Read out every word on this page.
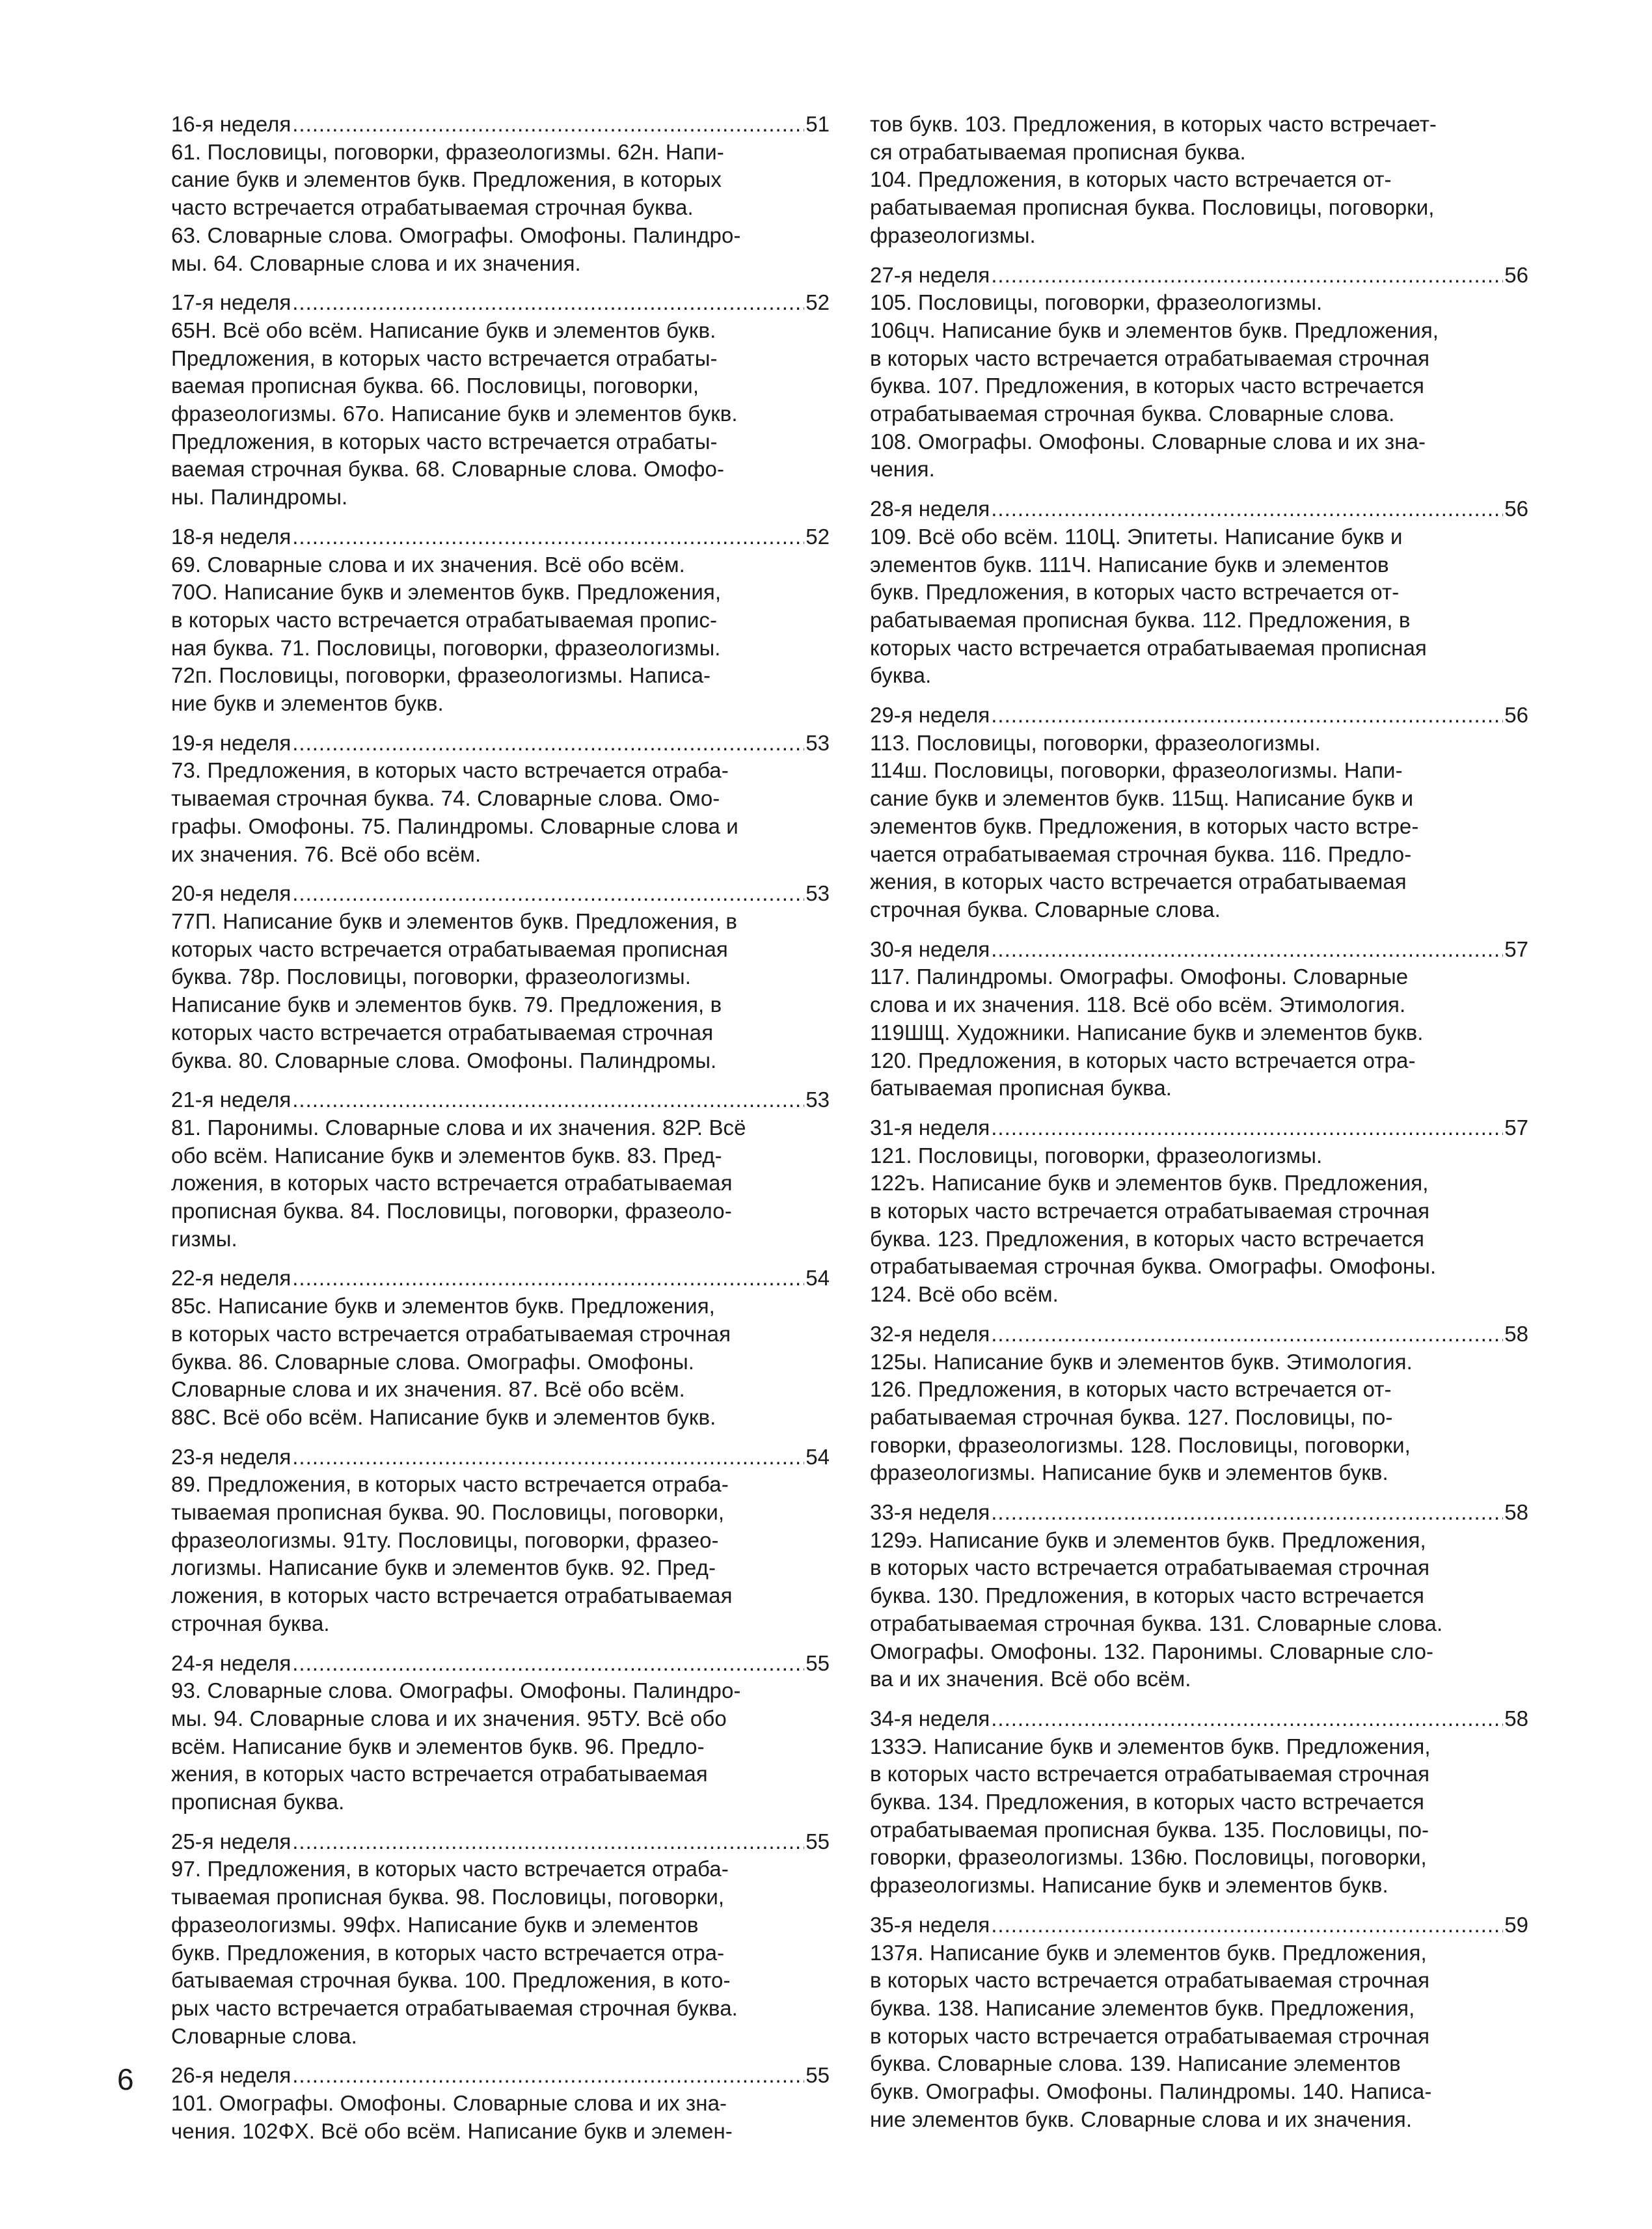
16-я неделя .....	51
61. Пословицы, поговорки, фразеологизмы. 62н. Напи-
сание букв и элементов букв. Предложения, в которых
часто встречается отрабатываемая строчная буква.
63. Словарные слова. Омографы. Омофоны. Палиндро-
мы. 64. Словарные слова и их значения.
17-я неделя .....	52
65Н. Всё обо всём. Написание букв и элементов букв.
Предложения, в которых часто встречается отрабаты-
ваемая прописная буква. 66. Пословицы, поговорки,
фразеологизмы. 67о. Написание букв и элементов букв.
Предложения, в которых часто встречается отрабаты-
ваемая строчная буква. 68. Словарные слова. Омофо-
ны. Палиндромы.
18-я неделя .....	52
69. Словарные слова и их значения. Всё обо всём.
70О. Написание букв и элементов букв. Предложения,
в которых часто встречается отрабатываемая пропис-
ная буква. 71. Пословицы, поговорки, фразеологизмы.
72п. Пословицы, поговорки, фразеологизмы. Написа-
ние букв и элементов букв.
19-я неделя .....	53
73. Предложения, в которых часто встречается отраба-
тываемая строчная буква. 74. Словарные слова. Омо-
графы. Омофоны. 75. Палиндромы. Словарные слова и
их значения. 76. Всё обо всём.
20-я неделя .....	53
77П. Написание букв и элементов букв. Предложения, в
которых часто встречается отрабатываемая прописная
буква. 78р. Пословицы, поговорки, фразеологизмы.
Написание букв и элементов букв. 79. Предложения, в
которых часто встречается отрабатываемая строчная
буква. 80. Словарные слова. Омофоны. Палиндромы.
21-я неделя .....	53
81. Паронимы. Словарные слова и их значения. 82Р. Всё
обо всём. Написание букв и элементов букв. 83. Пред-
ложения, в которых часто встречается отрабатываемая
прописная буква. 84. Пословицы, поговорки, фразеоло-
гизмы.
22-я неделя .....	54
85с. Написание букв и элементов букв. Предложения,
в которых часто встречается отрабатываемая строчная
буква. 86. Словарные слова. Омографы. Омофоны.
Словарные слова и их значения. 87. Всё обо всём.
88С. Всё обо всём. Написание букв и элементов букв.
23-я неделя .....	54
89. Предложения, в которых часто встречается отраба-
тываемая прописная буква. 90. Пословицы, поговорки,
фразеологизмы. 91ту. Пословицы, поговорки, фразео-
логизмы. Написание букв и элементов букв. 92. Пред-
ложения, в которых часто встречается отрабатываемая
строчная буква.
24-я неделя .....	55
93. Словарные слова. Омографы. Омофоны. Палиндро-
мы. 94. Словарные слова и их значения. 95ТУ. Всё обо
всём. Написание букв и элементов букв. 96. Предло-
жения, в которых часто встречается отрабатываемая
прописная буква.
25-я неделя .....	55
97. Предложения, в которых часто встречается отраба-
тываемая прописная буква. 98. Пословицы, поговорки,
фразеологизмы. 99фх. Написание букв и элементов
букв. Предложения, в которых часто встречается отра-
батываемая строчная буква. 100. Предложения, в кото-
рых часто встречается отрабатываемая строчная буква.
Словарные слова.
26-я неделя .....	55
101. Омографы. Омофоны. Словарные слова и их зна-
чения. 102ФХ. Всё обо всём. Написание букв и элемен-
тов букв. 103. Предложения, в которых часто встречает-
ся отрабатываемая прописная буква.
104. Предложения, в которых часто встречается от-
рабатываемая прописная буква. Пословицы, поговорки,
фразеологизмы.
27-я неделя .....	56
105. Пословицы, поговорки, фразеологизмы.
106цч. Написание букв и элементов букв. Предложения,
в которых часто встречается отрабатываемая строчная
буква. 107. Предложения, в которых часто встречается
отрабатываемая строчная буква. Словарные слова.
108. Омографы. Омофоны. Словарные слова и их зна-
чения.
28-я неделя .....	56
109. Всё обо всём. 110Ц. Эпитеты. Написание букв и
элементов букв. 111Ч. Написание букв и элементов
букв. Предложения, в которых часто встречается от-
рабатываемая прописная буква. 112. Предложения, в
которых часто встречается отрабатываемая прописная
буква.
29-я неделя .....	56
113. Пословицы, поговорки, фразеологизмы.
114ш. Пословицы, поговорки, фразеологизмы. Напи-
сание букв и элементов букв. 115щ. Написание букв и
элементов букв. Предложения, в которых часто встре-
чается отрабатываемая строчная буква. 116. Предло-
жения, в которых часто встречается отрабатываемая
строчная буква. Словарные слова.
30-я неделя .....	57
117. Палиндромы. Омографы. Омофоны. Словарные
слова и их значения. 118. Всё обо всём. Этимология.
119ШЩ. Художники. Написание букв и элементов букв.
120. Предложения, в которых часто встречается отра-
батываемая прописная буква.
31-я неделя .....	57
121. Пословицы, поговорки, фразеологизмы.
122ъ. Написание букв и элементов букв. Предложения,
в которых часто встречается отрабатываемая строчная
буква. 123. Предложения, в которых часто встречается
отрабатываемая строчная буква. Омографы. Омофоны.
124. Всё обо всём.
32-я неделя .....	58
125ы. Написание букв и элементов букв. Этимология.
126. Предложения, в которых часто встречается от-
рабатываемая строчная буква. 127. Пословицы, по-
говорки, фразеологизмы. 128. Пословицы, поговорки,
фразеологизмы. Написание букв и элементов букв.
33-я неделя .....	58
129э. Написание букв и элементов букв. Предложения,
в которых часто встречается отрабатываемая строчная
буква. 130. Предложения, в которых часто встречается
отрабатываемая строчная буква. 131. Словарные слова.
Омографы. Омофоны. 132. Паронимы. Словарные сло-
ва и их значения. Всё обо всём.
34-я неделя .....	58
133Э. Написание букв и элементов букв. Предложения,
в которых часто встречается отрабатываемая строчная
буква. 134. Предложения, в которых часто встречается
отрабатываемая прописная буква. 135. Пословицы, по-
говорки, фразеологизмы. 136ю. Пословицы, поговорки,
фразеологизмы. Написание букв и элементов букв.
35-я неделя .....	59
137я. Написание букв и элементов букв. Предложения,
в которых часто встречается отрабатываемая строчная
буква. 138. Написание элементов букв. Предложения,
в которых часто встречается отрабатываемая строчная
буква. Словарные слова. 139. Написание элементов
букв. Омографы. Омофоны. Палиндромы. 140. Написа-
ние элементов букв. Словарные слова и их значения.
6
